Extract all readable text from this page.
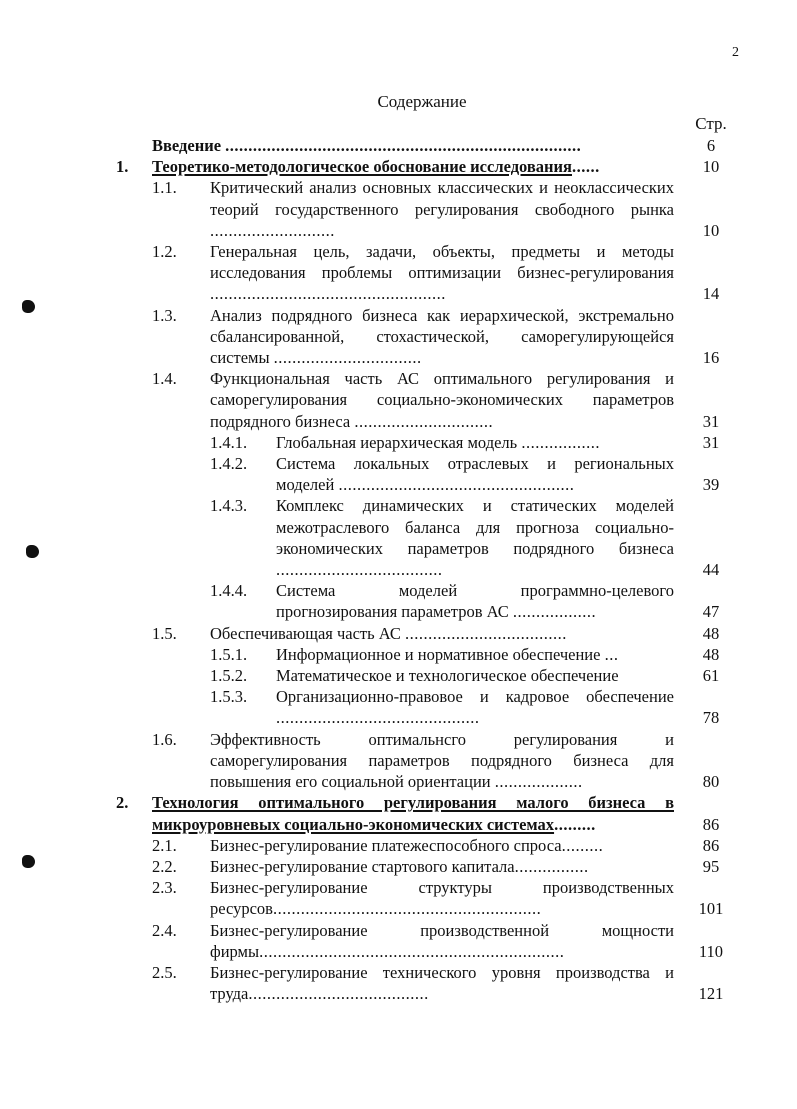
2
Содержание
Стр.
Введение .............................................................................	6
1. Теоретико-методологическое обоснование исследования......	10
1.1. Критический анализ основных классических и неоклассических теорий государственного регулирования свободного рынка ...........................	10
1.2. Генеральная цель, задачи, объекты, предметы и методы исследования проблемы оптимизации бизнес-регулирования ...................................................	14
1.3. Анализ подрядного бизнеса как иерархической, экстремально сбалансированной, стохастической, саморегулирующейся системы ................................	16
1.4. Функциональная часть АС оптимального регулирования и саморегулирования социально-экономических параметров подрядного бизнеса ..............................	31
1.4.1. Глобальная иерархическая модель .................	31
1.4.2. Система локальных отраслевых и региональных моделей ...................................................	39
1.4.3. Комплекс динамических и статических моделей межотраслевого баланса для прогноза социально-экономических параметров подрядного бизнеса ....................................	44
1.4.4. Система моделей программно-целевого прогнозирования параметров АС ..................	47
1.5. Обеспечивающая часть АС ...................................	48
1.5.1. Информационное и нормативное обеспечение ...	48
1.5.2. Математическое и технологическое обеспечение	61
1.5.3. Организационно-правовое и кадровое обеспечение ............................................	78
1.6. Эффективность оптимальнсго регулирования и саморегулирования параметров подрядного бизнеса для повышения его социальной ориентации ...................	80
2. Технология оптимального регулирования малого бизнеса в микроуровневых социально-экономических системах.........	86
2.1. Бизнес-регулирование платежеспособного спроса.........	86
2.2. Бизнес-регулирование стартового капитала................	95
2.3. Бизнес-регулирование структуры производственных ресурсов..........................................................	101
2.4. Бизнес-регулирование производственной мощности фирмы..................................................................	110
2.5. Бизнес-регулирование технического уровня производства и труда.......................................	121
